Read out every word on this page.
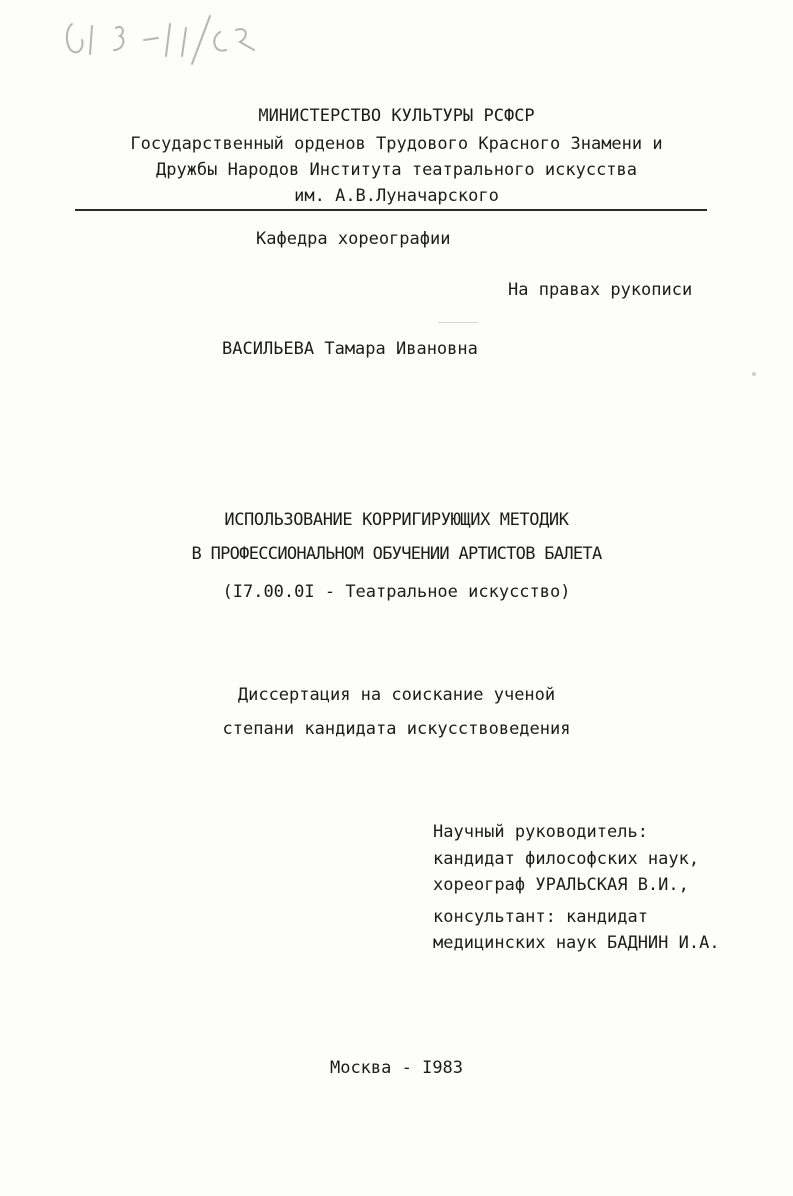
МИНИСТЕРСТВО КУЛЬТУРЫ РСФСР
Государственный орденов Трудового Красного Знамени и
Дружбы Народов Институтa театрального искусства
им. А.В.Луначарского
Кафедра хореографии
На правах рукописи
ВАСИЛЬЕВА Тамара Ивановна
ИСПОЛЬЗОВАНИЕ КОРРИГИРУЮЩИХ МЕТОДИК
В ПРОФЕССИОНАЛЬНОМ ОБУЧЕНИИ АРТИСТОВ БАЛЕТА
(I7.00.0I - Театральное искусство)
Диссертация на соискание ученой
степани кандидата искусствоведения
Научный руководитель:
кандидат философских наук,
хореограф УРАЛЬСКАЯ В.И.,
консультант: кандидат
медицинских наук БАДНИН И.А.
Москва - I983
